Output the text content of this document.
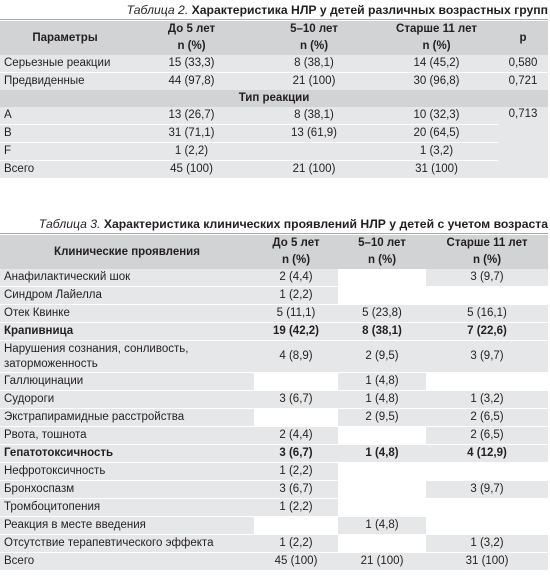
Таблица 2. Характеристика НЛР у детей различных возрастных групп
Параметры	До 5 лет	5–10 лет	Старше 11 лет	p
	n (%)	n (%)	n (%)	
Серьезные реакции	15 (33,3)	8 (38,1)	14 (45,2)	0,580
Предвиденные	44 (97,8)	21 (100)	30 (96,8)	0,721
Тип реакции				
A	13 (26,7)	8 (38,1)	10 (32,3)	0,713
B	31 (71,1)	13 (61,9)	20 (64,5)	
F	1 (2,2)		1 (3,2)	
Всего	45 (100)	21 (100)	31 (100)	
Таблица 3. Характеристика клинических проявлений НЛР у детей с учетом возраста
Клинические проявления	До 5 лет	5–10 лет	Старше 11 лет
	n (%)	n (%)	n (%)
Анафилактический шок	2 (4,4)		3 (9,7)
Синдром Лайелла	1 (2,2)		
Отек Квинке	5 (11,1)	5 (23,8)	5 (16,1)
Крапивница	19 (42,2)	8 (38,1)	7 (22,6)
Нарушения сознания, сонливость, заторможенность	4 (8,9)	2 (9,5)	3 (9,7)
Галлюцинации		1 (4,8)	
Судороги	3 (6,7)	1 (4,8)	1 (3,2)
Экстрапирамидные расстройства		2 (9,5)	2 (6,5)
Рвота, тошнота	2 (4,4)		2 (6,5)
Гепатотоксичность	3 (6,7)	1 (4,8)	4 (12,9)
Нефротоксичность	1 (2,2)		
Бронхоспазм	3 (6,7)		3 (9,7)
Тромбоцитопения	1 (2,2)		
Реакция в месте введения		1 (4,8)	
Отсутствие терапевтического эффекта	1 (2,2)		1 (3,2)
Всего	45 (100)	21 (100)	31 (100)
